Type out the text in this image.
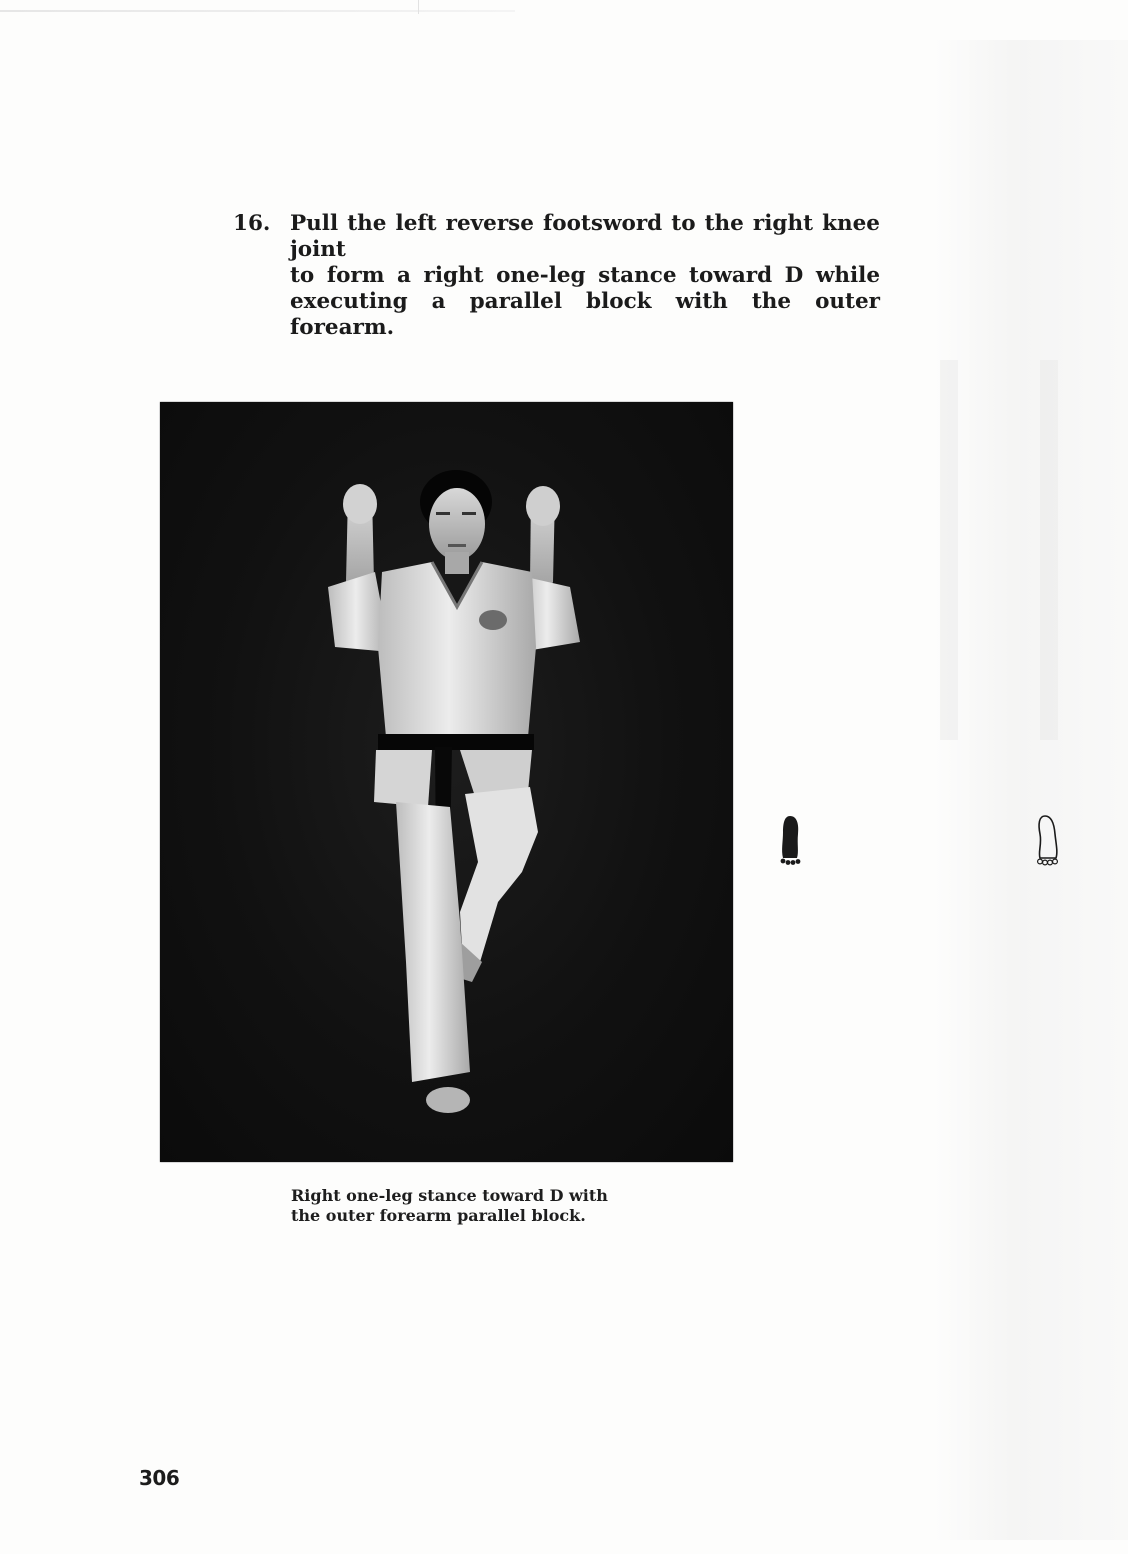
16. Pull the left reverse footsword to the right knee joint
to form a right one-leg stance toward D while
executing a parallel block with the outer forearm.
Right one-leg stance toward D with
the outer forearm parallel block.
306
